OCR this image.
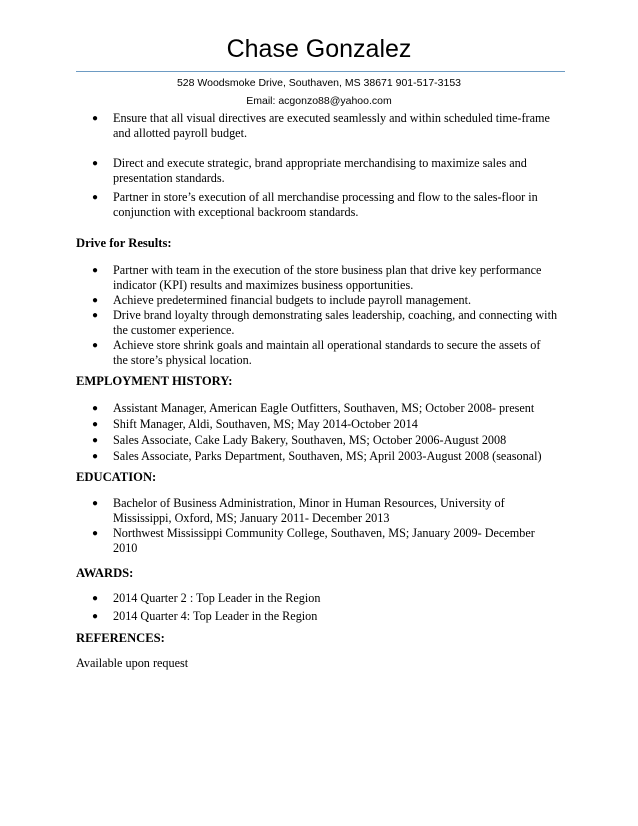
Chase Gonzalez
528 Woodsmoke Drive, Southaven, MS 38671 901-517-3153
Email: acgonzo88@yahoo.com
● Ensure that all visual directives are executed seamlessly and within scheduled time-frame and allotted payroll budget.
● Direct and execute strategic, brand appropriate merchandising to maximize sales and presentation standards.
● Partner in store’s execution of all merchandise processing and flow to the sales-floor in conjunction with exceptional backroom standards.
Drive for Results:
● Partner with team in the execution of the store business plan that drive key performance indicator (KPI) results and maximizes business opportunities.
● Achieve predetermined financial budgets to include payroll management.
● Drive brand loyalty through demonstrating sales leadership, coaching, and connecting with the customer experience.
● Achieve store shrink goals and maintain all operational standards to secure the assets of the store’s physical location.
EMPLOYMENT HISTORY:
● Assistant Manager, American Eagle Outfitters, Southaven, MS; October 2008- present
● Shift Manager, Aldi, Southaven, MS; May 2014-October 2014
● Sales Associate, Cake Lady Bakery, Southaven, MS; October 2006-August 2008
● Sales Associate, Parks Department, Southaven, MS; April 2003-August 2008 (seasonal)
EDUCATION:
● Bachelor of Business Administration, Minor in Human Resources, University of Mississippi, Oxford, MS; January 2011- December 2013
● Northwest Mississippi Community College, Southaven, MS; January 2009- December 2010
AWARDS:
● 2014 Quarter 2 : Top Leader in the Region
● 2014 Quarter 4: Top Leader in the Region
REFERENCES:
Available upon request
